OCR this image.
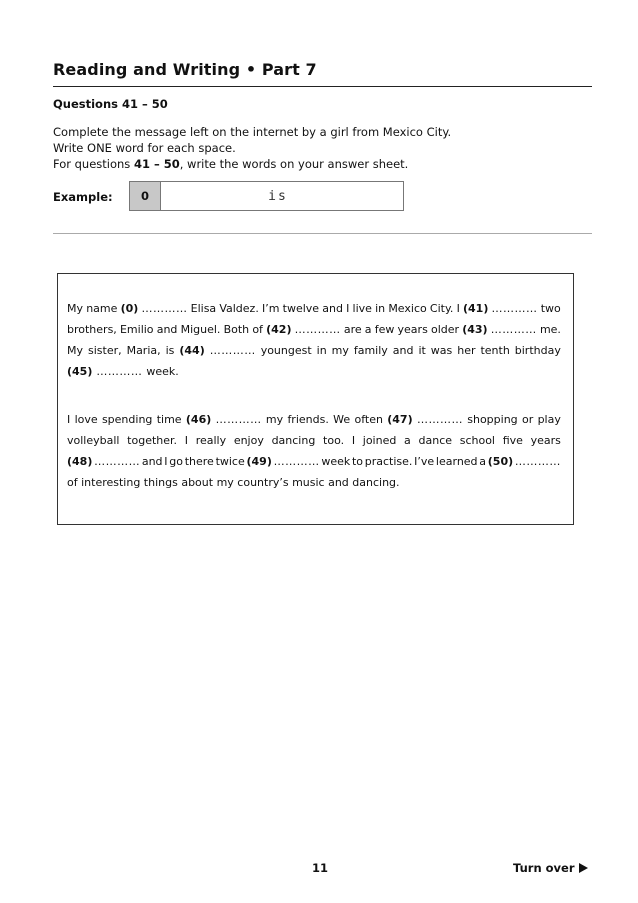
Reading and Writing • Part 7
Questions 41 – 50
Complete the message left on the internet by a girl from Mexico City.
Write ONE word for each space.
For questions 41 – 50, write the words on your answer sheet.
Example:	0	is
My name (0) ………… Elisa Valdez. I’m twelve and I live in Mexico City. I (41) ………… two
brothers, Emilio and Miguel. Both of (42) ………… are a few years older (43) ………… me.
My sister, Maria, is (44) ………… youngest in my family and it was her tenth birthday
(45) ………… week.
I love spending time (46) ………… my friends. We often (47) ………… shopping or play
volleyball together. I really enjoy dancing too. I joined a dance school five years
(48) ………… and I go there twice (49) ………… week to practise. I’ve learned a (50) …………
of interesting things about my country’s music and dancing.
11	Turn over
